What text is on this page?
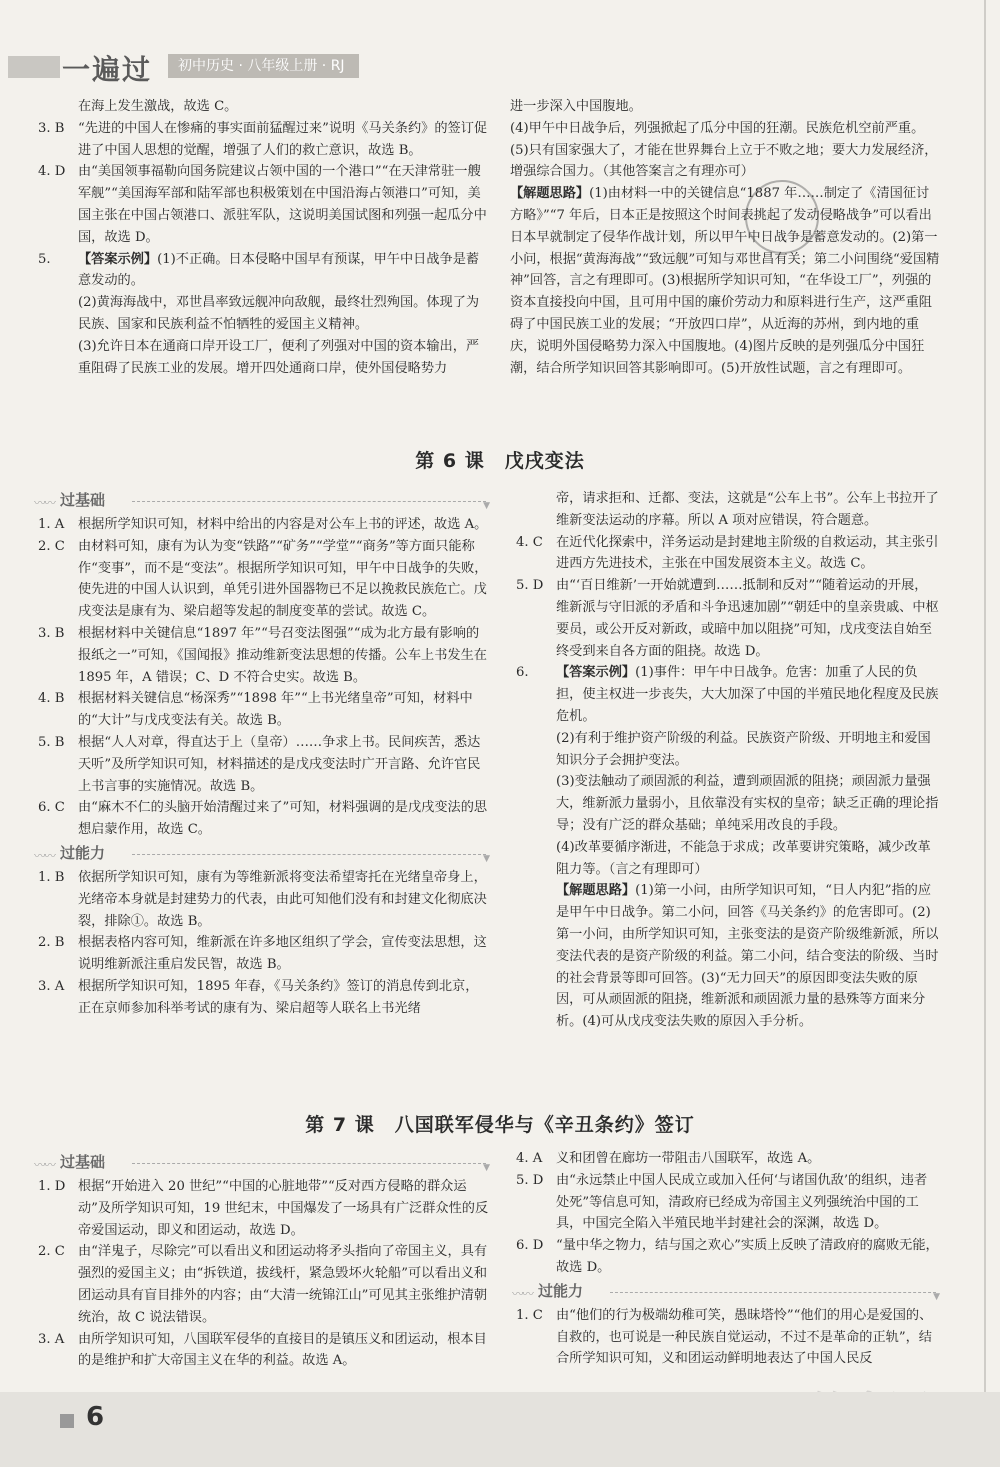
一遍过	初中历史 · 八年级上册 · RJ
在海上发生激战，故选 C。
3. B “先进的中国人在惨痛的事实面前猛醒过来”说明《马关条约》的签订促进了中国人思想的觉醒，增强了人们的救亡意识，故选 B。
4. D 由“美国领事福勒向国务院建议占领中国的一个港口”“在天津常驻一艘军舰”“美国海军部和陆军部也积极策划在中国沿海占领港口”可知，美国主张在中国占领港口、派驻军队，这说明美国试图和列强一起瓜分中国，故选 D。
5. 【答案示例】(1)不正确。日本侵略中国早有预谋，甲午中日战争是蓄意发动的。
(2)黄海海战中，邓世昌率致远舰冲向敌舰，最终壮烈殉国。体现了为民族、国家和民族利益不怕牺牲的爱国主义精神。
(3)允许日本在通商口岸开设工厂，便利了列强对中国的资本输出，严重阻碍了民族工业的发展。增开四处通商口岸，使外国侵略势力
进一步深入中国腹地。
(4)甲午中日战争后，列强掀起了瓜分中国的狂潮。民族危机空前严重。
(5)只有国家强大了，才能在世界舞台上立于不败之地；要大力发展经济，增强综合国力。（其他答案言之有理亦可）
【解题思路】(1)由材料一中的关键信息“1887 年……制定了《清国征讨方略》”“7 年后，日本正是按照这个时间表挑起了发动侵略战争”可以看出日本早就制定了侵华作战计划，所以甲午中日战争是蓄意发动的。(2)第一小问，根据“黄海海战”“致远舰”可知与邓世昌有关；第二小问围绕“爱国精神”回答，言之有理即可。(3)根据所学知识可知，“在华设工厂”，列强的资本直接投向中国，且可用中国的廉价劳动力和原料进行生产，这严重阻碍了中国民族工业的发展；“开放四口岸”，从近海的苏州，到内地的重庆，说明外国侵略势力深入中国腹地。(4)图片反映的是列强瓜分中国狂潮，结合所学知识回答其影响即可。(5)开放性试题，言之有理即可。
第 6 课　戊戌变法
〰〰 过基础	▼
1. A 根据所学知识可知，材料中给出的内容是对公车上书的评述，故选 A。
2. C 由材料可知，康有为认为变“铁路”“矿务”“学堂”“商务”等方面只能称作“变事”，而不是“变法”。根据所学知识可知，甲午中日战争的失败，使先进的中国人认识到，单凭引进外国器物已不足以挽救民族危亡。戊戌变法是康有为、梁启超等发起的制度变革的尝试。故选 C。
3. B 根据材料中关键信息“1897 年”“号召变法图强”“成为北方最有影响的报纸之一”可知，《国闻报》推动维新变法思想的传播。公车上书发生在 1895 年，A 错误；C、D 不符合史实。故选 B。
4. B 根据材料关键信息“杨深秀”“1898 年”“上书光绪皇帝”可知，材料中的“大计”与戊戌变法有关。故选 B。
5. B 根据“人人对章，得直达于上（皇帝）……争求上书。民间疾苦，悉达天听”及所学知识可知，材料描述的是戊戌变法时广开言路、允许官民上书言事的实施情况。故选 B。
6. C 由“麻木不仁的头脑开始清醒过来了”可知，材料强调的是戊戌变法的思想启蒙作用，故选 C。
〰〰 过能力	▼
1. B 依据所学知识可知，康有为等维新派将变法希望寄托在光绪皇帝身上，光绪帝本身就是封建势力的代表，由此可知他们没有和封建文化彻底决裂，排除①。故选 B。
2. B 根据表格内容可知，维新派在许多地区组织了学会，宣传变法思想，这说明维新派注重启发民智，故选 B。
3. A 根据所学知识可知，1895 年春，《马关条约》签订的消息传到北京，正在京师参加科举考试的康有为、梁启超等人联名上书光绪
帝，请求拒和、迁都、变法，这就是“公车上书”。公车上书拉开了维新变法运动的序幕。所以 A 项对应错误，符合题意。
4. C 在近代化探索中，洋务运动是封建地主阶级的自救运动，其主张引进西方先进技术，主张在中国发展资本主义。故选 C。
5. D 由“‘百日维新’一开始就遭到……抵制和反对”“随着运动的开展，维新派与守旧派的矛盾和斗争迅速加剧”“朝廷中的皇亲贵戚、中枢要员，或公开反对新政，或暗中加以阻挠”可知，戊戌变法自始至终受到来自各方面的阻挠。故选 D。
6. 【答案示例】(1)事件：甲午中日战争。危害：加重了人民的负担，使主权进一步丧失，大大加深了中国的半殖民地化程度及民族危机。
(2)有利于维护资产阶级的利益。民族资产阶级、开明地主和爱国知识分子会拥护变法。
(3)变法触动了顽固派的利益，遭到顽固派的阻挠；顽固派力量强大，维新派力量弱小，且依靠没有实权的皇帝；缺乏正确的理论指导；没有广泛的群众基础；单纯采用改良的手段。
(4)改革要循序渐进，不能急于求成；改革要讲究策略，减少改革阻力等。（言之有理即可）
【解题思路】(1)第一小问，由所学知识可知，“日人内犯”指的应是甲午中日战争。第二小问，回答《马关条约》的危害即可。(2)第一小问，由所学知识可知，主张变法的是资产阶级维新派，所以变法代表的是资产阶级的利益。第二小问，结合变法的阶级、当时的社会背景等即可回答。(3)“无力回天”的原因即变法失败的原因，可从顽固派的阻挠，维新派和顽固派力量的悬殊等方面来分析。(4)可从戊戌变法失败的原因入手分析。
第 7 课　八国联军侵华与《辛丑条约》签订
〰〰 过基础	▼
1. D 根据“开始进入 20 世纪”“中国的心脏地带”“反对西方侵略的群众运动”及所学知识可知，19 世纪末，中国爆发了一场具有广泛群众性的反帝爱国运动，即义和团运动，故选 D。
2. C 由“洋鬼子，尽除完”可以看出义和团运动将矛头指向了帝国主义，具有强烈的爱国主义；由“拆铁道，拔线杆，紧急毁坏火轮船”可以看出义和团运动具有盲目排外的内容；由“大清一统锦江山”可见其主张维护清朝统治，故 C 说法错误。
3. A 由所学知识可知，八国联军侵华的直接目的是镇压义和团运动，根本目的是维护和扩大帝国主义在华的利益。故选 A。
4. A 义和团曾在廊坊一带阻击八国联军，故选 A。
5. D 由“永远禁止中国人民成立或加入任何‘与诸国仇敌’的组织，违者处死”等信息可知，清政府已经成为帝国主义列强统治中国的工具，中国完全陷入半殖民地半封建社会的深渊，故选 D。
6. D “量中华之物力，结与国之欢心”实质上反映了清政府的腐败无能，故选 D。
〰〰 过能力	▼
1. C 由“他们的行为极端幼稚可笑，愚昧塔怜”“他们的用心是爱国的、自救的，也可说是一种民族自觉运动，不过不是革命的正轨”，结合所学知识可知，义和团运动鲜明地表达了中国人民反
6
